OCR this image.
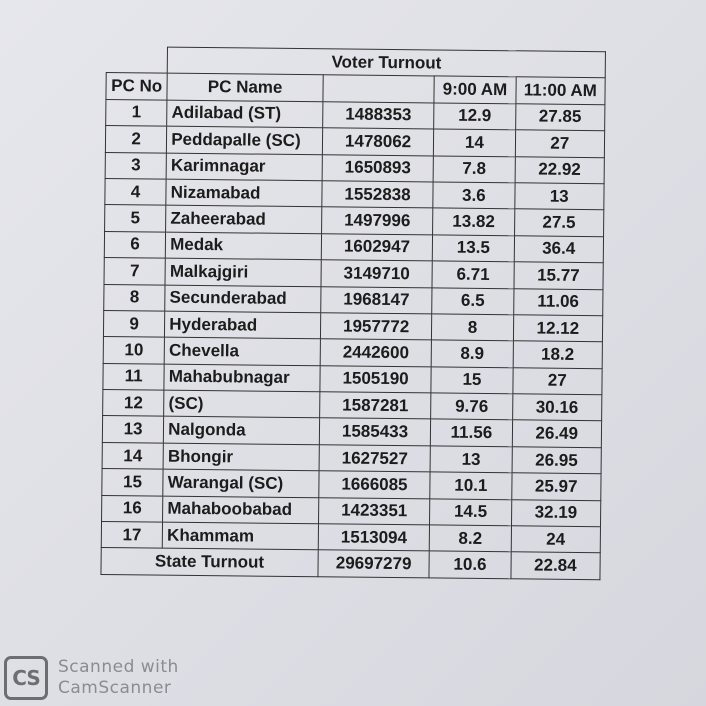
	Voter Turnout			
PC No	PC Name		9:00 AM	11:00 AM
1	Adilabad (ST)	1488353	12.9	27.85
2	Peddapalle (SC)	1478062	14	27
3	Karimnagar	1650893	7.8	22.92
4	Nizamabad	1552838	3.6	13
5	Zaheerabad	1497996	13.82	27.5
6	Medak	1602947	13.5	36.4
7	Malkajgiri	3149710	6.71	15.77
8	Secunderabad	1968147	6.5	11.06
9	Hyderabad	1957772	8	12.12
10	Chevella	2442600	8.9	18.2
11	Mahabubnagar	1505190	15	27
12	(SC)	1587281	9.76	30.16
13	Nalgonda	1585433	11.56	26.49
14	Bhongir	1627527	13	26.95
15	Warangal (SC)	1666085	10.1	25.97
16	Mahaboobabad	1423351	14.5	32.19
17	Khammam	1513094	8.2	24
State Turnout		29697279	10.6	22.84
CS	Scanned with
CamScanner
